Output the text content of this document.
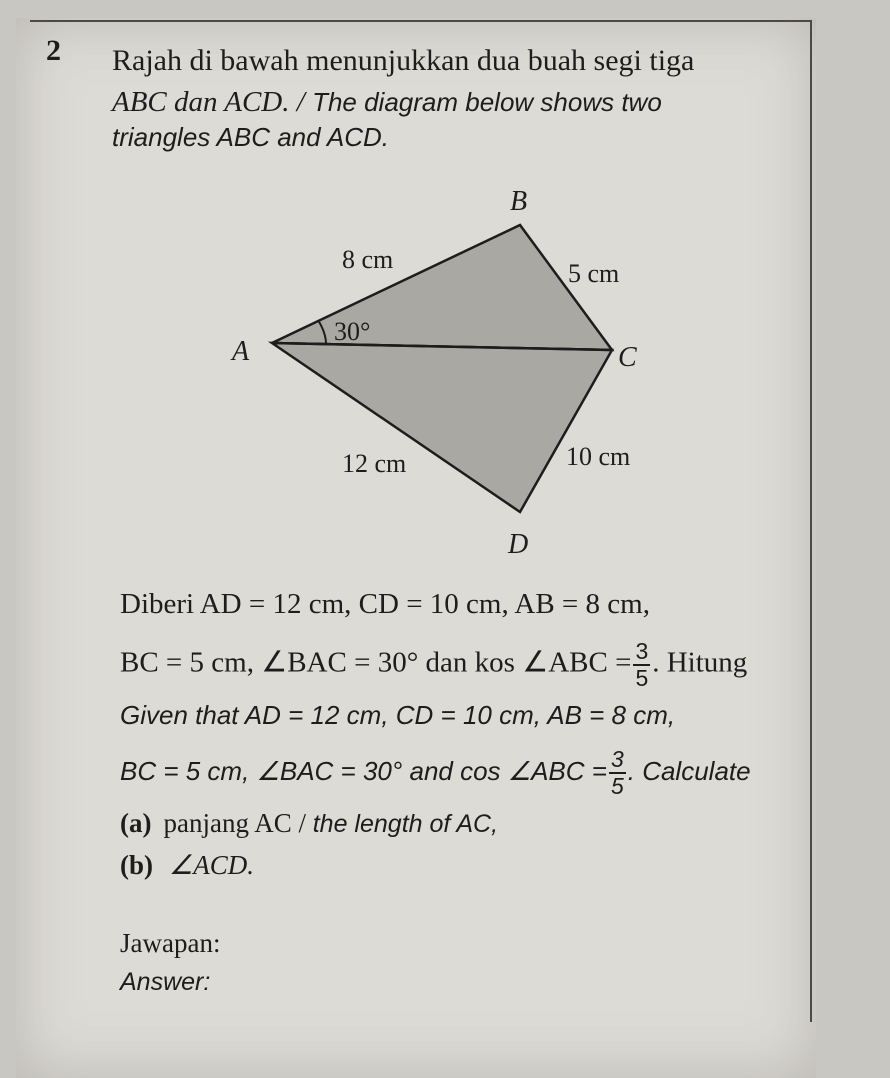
2 Rajah di bawah menunjukkan dua buah segi tiga
ABC dan ACD. / The diagram below shows two
triangles ABC and ACD.
B
A	C
D
8 cm	5 cm
12 cm	10 cm
30°
Diberi AD = 12 cm, CD = 10 cm, AB = 8 cm,
BC = 5 cm, ∠BAC = 30° dan kos ∠ABC = $\frac{3}{5}$ . Hitung
Given that AD = 12 cm, CD = 10 cm, AB = 8 cm,
BC = 5 cm, ∠BAC = 30° and cos ∠ABC = $\frac{3}{5}$ . Calculate
(a) panjang AC / the length of AC,
(b) ∠ACD.
Jawapan:
Answer:
